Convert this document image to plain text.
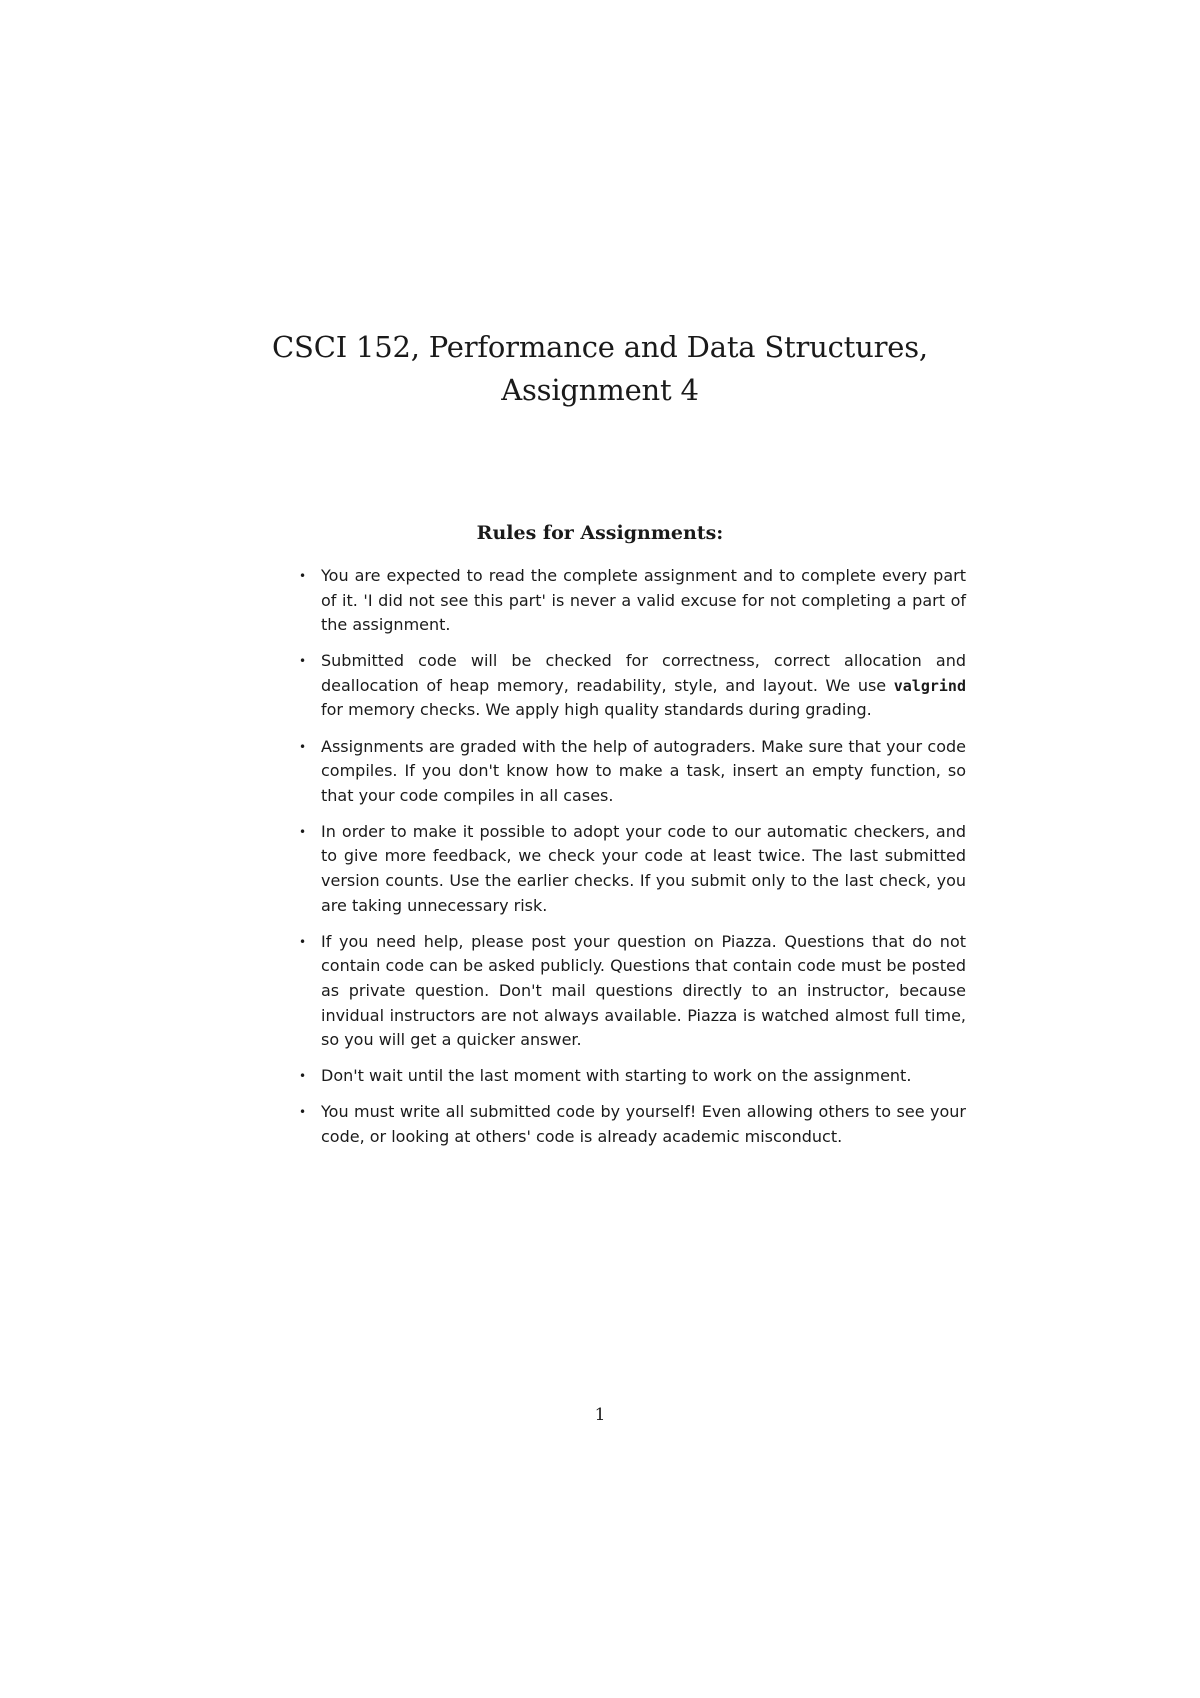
CSCI 152, Performance and Data Structures,
Assignment 4
Rules for Assignments:
• You are expected to read the complete assignment and to complete every part of it. 'I did not see this part' is never a valid excuse for not completing a part of the assignment.
• Submitted code will be checked for correctness, correct allocation and deallocation of heap memory, readability, style, and layout. We use valgrind for memory checks. We apply high quality standards during grading.
• Assignments are graded with the help of autograders. Make sure that your code compiles. If you don't know how to make a task, insert an empty function, so that your code compiles in all cases.
• In order to make it possible to adopt your code to our automatic checkers, and to give more feedback, we check your code at least twice. The last submitted version counts. Use the earlier checks. If you submit only to the last check, you are taking unnecessary risk.
• If you need help, please post your question on Piazza. Questions that do not contain code can be asked publicly. Questions that contain code must be posted as private question. Don't mail questions directly to an instructor, because invidual instructors are not always available. Piazza is watched almost full time, so you will get a quicker answer.
• Don't wait until the last moment with starting to work on the assignment.
• You must write all submitted code by yourself! Even allowing others to see your code, or looking at others' code is already academic misconduct.
1
